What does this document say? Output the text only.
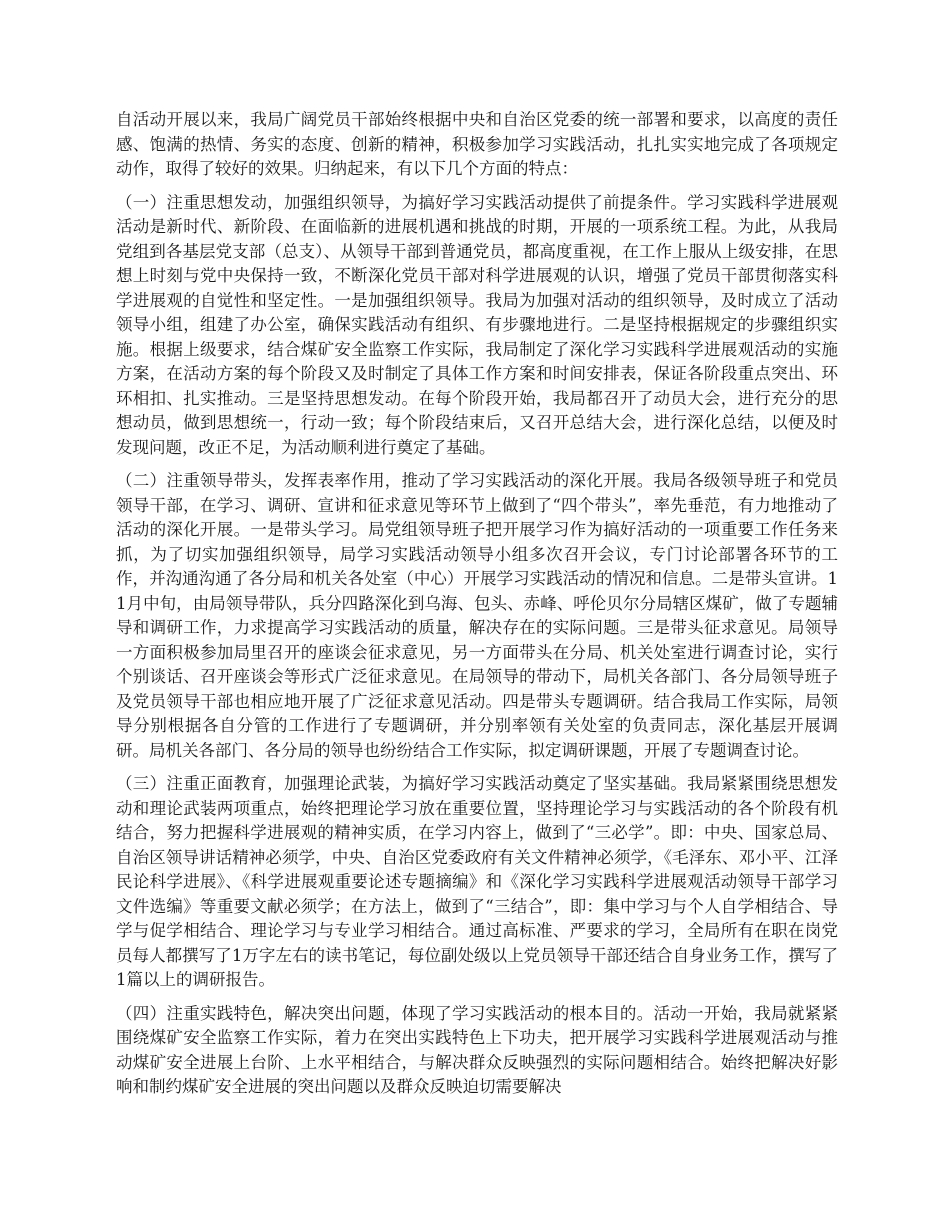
自活动开展以来，我局广阔党员干部始终根据中央和自治区党委的统一部署和要求，以高度的责任感、饱满的热情、务实的态度、创新的精神，积极参加学习实践活动，扎扎实实地完成了各项规定动作，取得了较好的效果。归纳起来，有以下几个方面的特点：

（一）注重思想发动，加强组织领导，为搞好学习实践活动提供了前提条件。学习实践科学进展观活动是新时代、新阶段、在面临新的进展机遇和挑战的时期，开展的一项系统工程。为此，从我局党组到各基层党支部（总支）、从领导干部到普通党员，都高度重视，在工作上服从上级安排，在思想上时刻与党中央保持一致，不断深化党员干部对科学进展观的认识，增强了党员干部贯彻落实科学进展观的自觉性和坚定性。一是加强组织领导。我局为加强对活动的组织领导，及时成立了活动领导小组，组建了办公室，确保实践活动有组织、有步骤地进行。二是坚持根据规定的步骤组织实施。根据上级要求，结合煤矿安全监察工作实际，我局制定了深化学习实践科学进展观活动的实施方案，在活动方案的每个阶段又及时制定了具体工作方案和时间安排表，保证各阶段重点突出、环环相扣、扎实推动。三是坚持思想发动。在每个阶段开始，我局都召开了动员大会，进行充分的思想动员，做到思想统一，行动一致；每个阶段结束后，又召开总结大会，进行深化总结，以便及时发现问题，改正不足，为活动顺利进行奠定了基础。

（二）注重领导带头，发挥表率作用，推动了学习实践活动的深化开展。我局各级领导班子和党员领导干部，在学习、调研、宣讲和征求意见等环节上做到了“四个带头”，率先垂范，有力地推动了活动的深化开展。一是带头学习。局党组领导班子把开展学习作为搞好活动的一项重要工作任务来抓，为了切实加强组织领导，局学习实践活动领导小组多次召开会议，专门讨论部署各环节的工作，并沟通沟通了各分局和机关各处室（中心）开展学习实践活动的情况和信息。二是带头宣讲。11月中旬，由局领导带队，兵分四路深化到乌海、包头、赤峰、呼伦贝尔分局辖区煤矿，做了专题辅导和调研工作，力求提高学习实践活动的质量，解决存在的实际问题。三是带头征求意见。局领导一方面积极参加局里召开的座谈会征求意见，另一方面带头在分局、机关处室进行调查讨论，实行个别谈话、召开座谈会等形式广泛征求意见。在局领导的带动下，局机关各部门、各分局领导班子及党员领导干部也相应地开展了广泛征求意见活动。四是带头专题调研。结合我局工作实际，局领导分别根据各自分管的工作进行了专题调研，并分别率领有关处室的负责同志，深化基层开展调研。局机关各部门、各分局的领导也纷纷结合工作实际，拟定调研课题，开展了专题调查讨论。

（三）注重正面教育，加强理论武装，为搞好学习实践活动奠定了坚实基础。我局紧紧围绕思想发动和理论武装两项重点，始终把理论学习放在重要位置，坚持理论学习与实践活动的各个阶段有机结合，努力把握科学进展观的精神实质，在学习内容上，做到了“三必学”。即：中央、国家总局、自治区领导讲话精神必须学，中央、自治区党委政府有关文件精神必须学，《毛泽东、邓小平、江泽民论科学进展》、《科学进展观重要论述专题摘编》和《深化学习实践科学进展观活动领导干部学习文件选编》等重要文献必须学；在方法上，做到了“三结合”，即：集中学习与个人自学相结合、导学与促学相结合、理论学习与专业学习相结合。通过高标准、严要求的学习，全局所有在职在岗党员每人都撰写了1万字左右的读书笔记，每位副处级以上党员领导干部还结合自身业务工作，撰写了1篇以上的调研报告。

（四）注重实践特色，解决突出问题，体现了学习实践活动的根本目的。活动一开始，我局就紧紧围绕煤矿安全监察工作实际，着力在突出实践特色上下功夫，把开展学习实践科学进展观活动与推动煤矿安全进展上台阶、上水平相结合，与解决群众反映强烈的实际问题相结合。始终把解决好影响和制约煤矿安全进展的突出问题以及群众反映迫切需要解决
